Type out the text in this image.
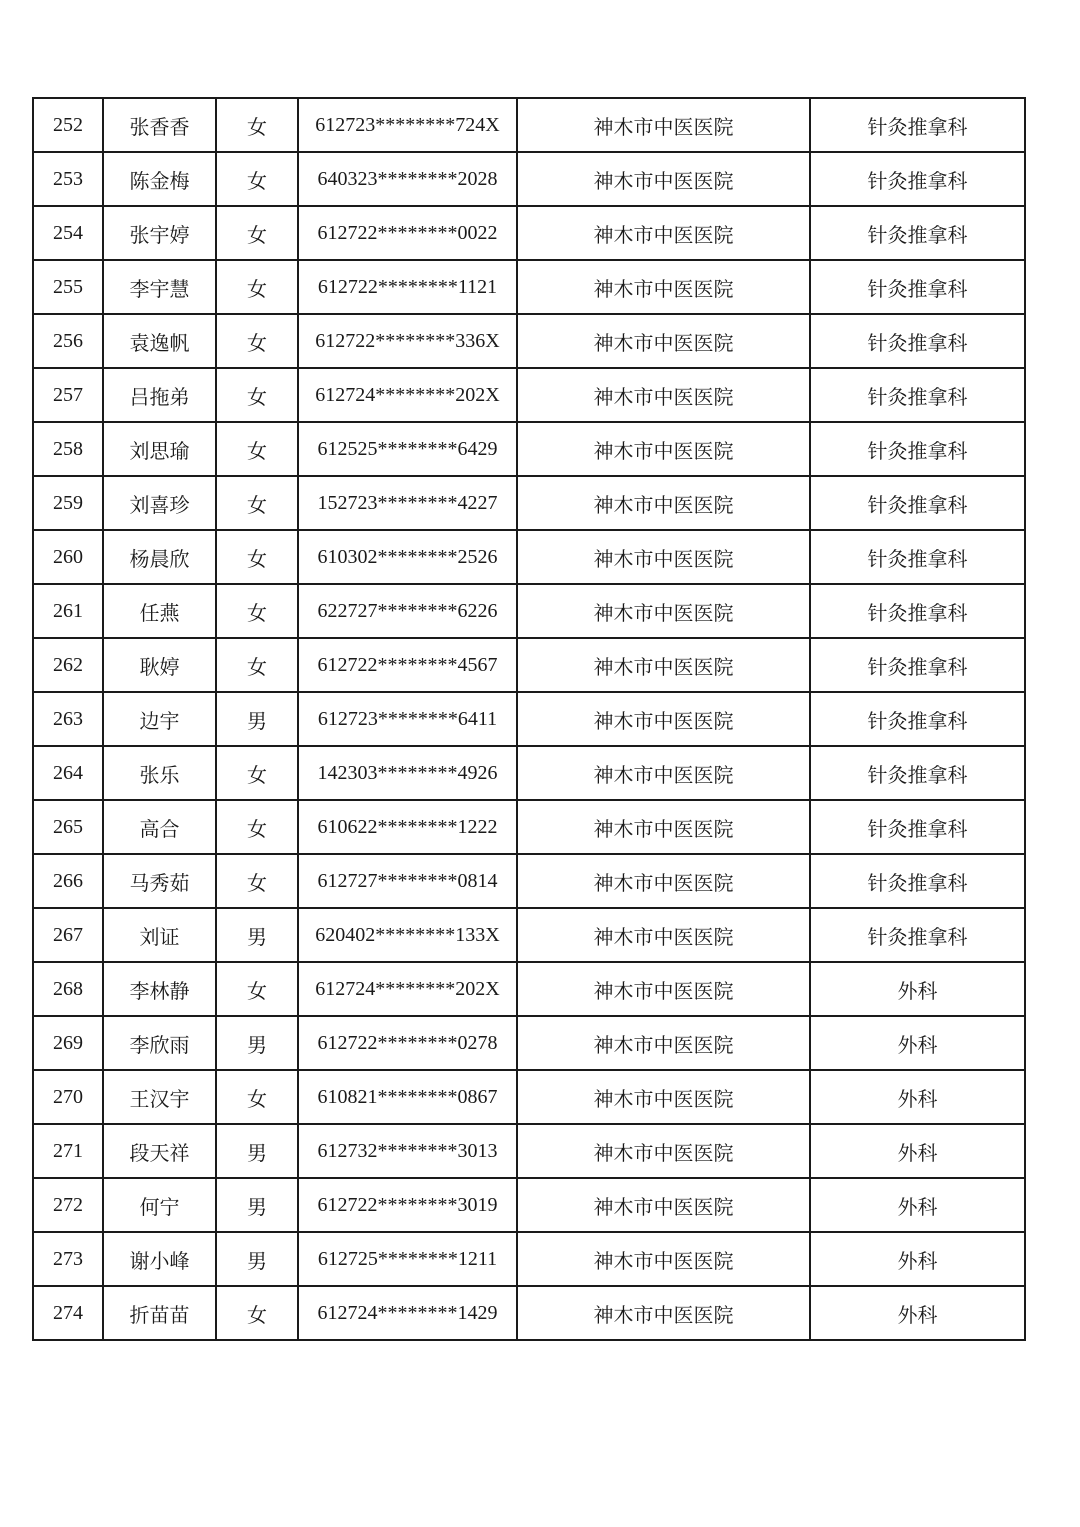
252	张香香	女	612723********724X	神木市中医医院	针灸推拿科
253	陈金梅	女	640323********2028	神木市中医医院	针灸推拿科
254	张宇婷	女	612722********0022	神木市中医医院	针灸推拿科
255	李宇慧	女	612722********1121	神木市中医医院	针灸推拿科
256	袁逸帆	女	612722********336X	神木市中医医院	针灸推拿科
257	吕拖弟	女	612724********202X	神木市中医医院	针灸推拿科
258	刘思瑜	女	612525********6429	神木市中医医院	针灸推拿科
259	刘喜珍	女	152723********4227	神木市中医医院	针灸推拿科
260	杨晨欣	女	610302********2526	神木市中医医院	针灸推拿科
261	任燕	女	622727********6226	神木市中医医院	针灸推拿科
262	耿婷	女	612722********4567	神木市中医医院	针灸推拿科
263	边宇	男	612723********6411	神木市中医医院	针灸推拿科
264	张乐	女	142303********4926	神木市中医医院	针灸推拿科
265	高合	女	610622********1222	神木市中医医院	针灸推拿科
266	马秀茹	女	612727********0814	神木市中医医院	针灸推拿科
267	刘证	男	620402********133X	神木市中医医院	针灸推拿科
268	李林静	女	612724********202X	神木市中医医院	外科
269	李欣雨	男	612722********0278	神木市中医医院	外科
270	王汉宇	女	610821********0867	神木市中医医院	外科
271	段天祥	男	612732********3013	神木市中医医院	外科
272	何宁	男	612722********3019	神木市中医医院	外科
273	谢小峰	男	612725********1211	神木市中医医院	外科
274	折苗苗	女	612724********1429	神木市中医医院	外科
